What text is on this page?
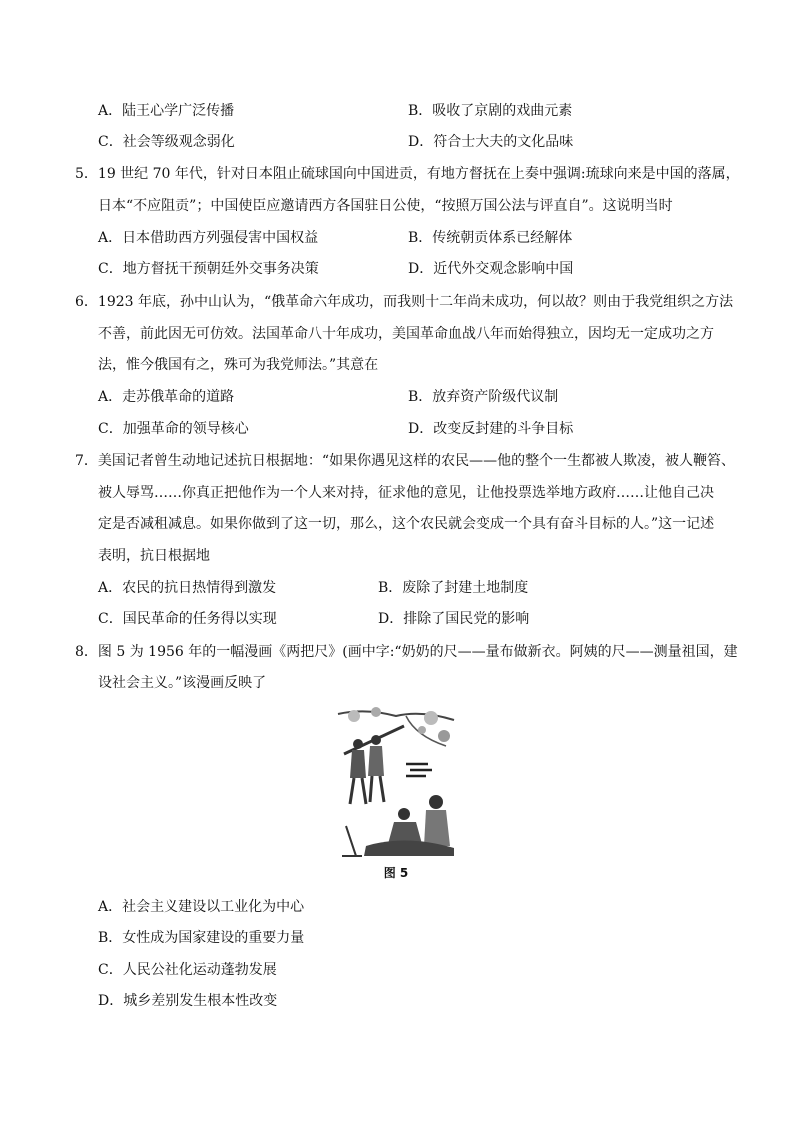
A．陆王心学广泛传播	B．吸收了京剧的戏曲元素
C．社会等级观念弱化	D．符合士大夫的文化品味
5．19 世纪 70 年代，针对日本阻止硫球国向中国进贡，有地方督抚在上奏中强调:琉球向来是中国的落属，
日本“不应阻贡”；中国使臣应邀请西方各国驻日公使，“按照万国公法与评直自”。这说明当时
A．日本借助西方列强侵害中国权益	B．传统朝贡体系已经解体
C．地方督抚干预朝廷外交事务决策	D．近代外交观念影响中国
6．1923 年底，孙中山认为，“俄革命六年成功，而我则十二年尚未成功，何以故？则由于我党组织之方法
不善，前此因无可仿效。法国革命八十年成功，美国革命血战八年而始得独立，因均无一定成功之方
法，惟今俄国有之，殊可为我党师法。”其意在
A．走苏俄革命的道路	B．放弃资产阶级代议制
C．加强革命的领导核心	D．改变反封建的斗争目标
7．美国记者曾生动地记述抗日根据地：“如果你遇见这样的农民——他的整个一生都被人欺凌，被人鞭笞、
被人辱骂……你真正把他作为一个人来对持，征求他的意见，让他投票选举地方政府……让他自己决
定是否减租减息。如果你做到了这一切，那么，这个农民就会变成一个具有奋斗目标的人。”这一记述
表明，抗日根据地
A．农民的抗日热情得到激发	B．废除了封建土地制度
C．国民革命的任务得以实现	D．排除了国民党的影响
8．图 5 为 1956 年的一幅漫画《两把尺》(画中字:“奶奶的尺——量布做新衣。阿姨的尺——测量祖国，建
设社会主义。”该漫画反映了
图 5
A．社会主义建设以工业化为中心
B．女性成为国家建设的重要力量
C．人民公社化运动蓬勃发展
D．城乡差别发生根本性改变
